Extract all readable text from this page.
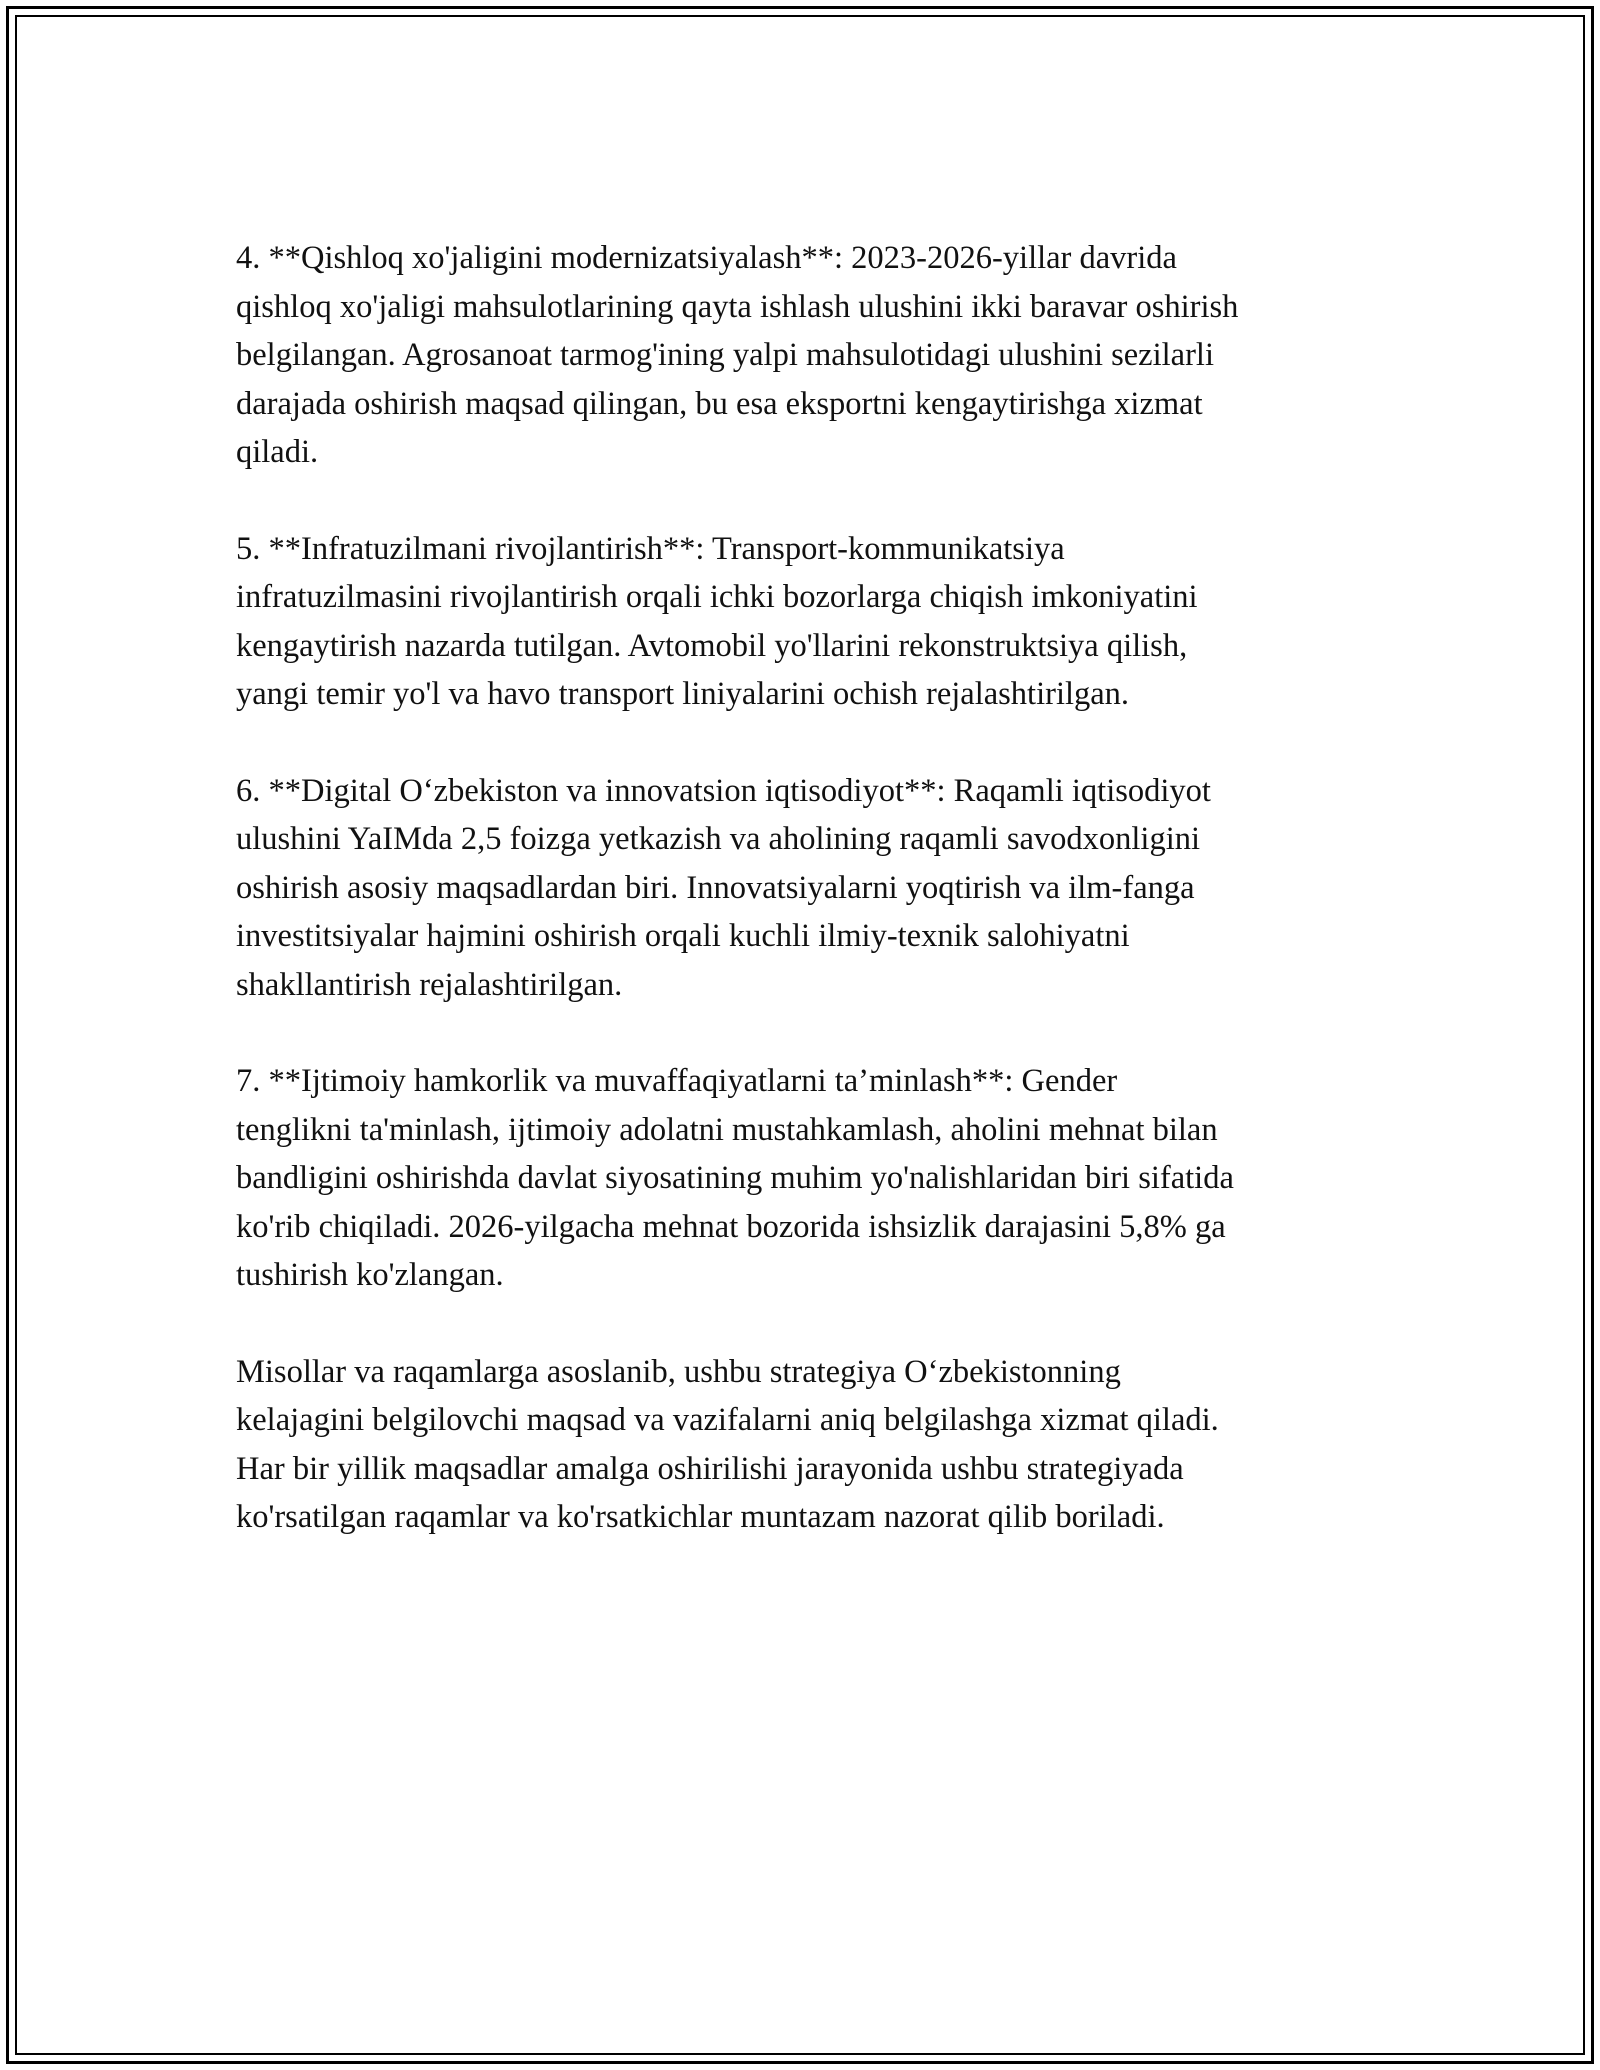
4. **Qishloq xo'jaligini modernizatsiyalash**: 2023-2026-yillar davrida
qishloq xo'jaligi mahsulotlarining qayta ishlash ulushini ikki baravar oshirish
belgilangan. Agrosanoat tarmog'ining yalpi mahsulotidagi ulushini sezilarli
darajada oshirish maqsad qilingan, bu esa eksportni kengaytirishga xizmat
qiladi.

5. **Infratuzilmani rivojlantirish**: Transport-kommunikatsiya
infratuzilmasini rivojlantirish orqali ichki bozorlarga chiqish imkoniyatini
kengaytirish nazarda tutilgan. Avtomobil yo'llarini rekonstruktsiya qilish,
yangi temir yo'l va havo transport liniyalarini ochish rejalashtirilgan.

6. **Digital O‘zbekiston va innovatsion iqtisodiyot**: Raqamli iqtisodiyot
ulushini YaIMda 2,5 foizga yetkazish va aholining raqamli savodxonligini
oshirish asosiy maqsadlardan biri. Innovatsiyalarni yoqtirish va ilm-fanga
investitsiyalar hajmini oshirish orqali kuchli ilmiy-texnik salohiyatni
shakllantirish rejalashtirilgan.

7. **Ijtimoiy hamkorlik va muvaffaqiyatlarni ta’minlash**: Gender
tenglikni ta'minlash, ijtimoiy adolatni mustahkamlash, aholini mehnat bilan
bandligini oshirishda davlat siyosatining muhim yo'nalishlaridan biri sifatida
ko'rib chiqiladi. 2026-yilgacha mehnat bozorida ishsizlik darajasini 5,8% ga
tushirish ko'zlangan.

Misollar va raqamlarga asoslanib, ushbu strategiya O‘zbekistonning
kelajagini belgilovchi maqsad va vazifalarni aniq belgilashga xizmat qiladi.
Har bir yillik maqsadlar amalga oshirilishi jarayonida ushbu strategiyada
ko'rsatilgan raqamlar va ko'rsatkichlar muntazam nazorat qilib boriladi.
